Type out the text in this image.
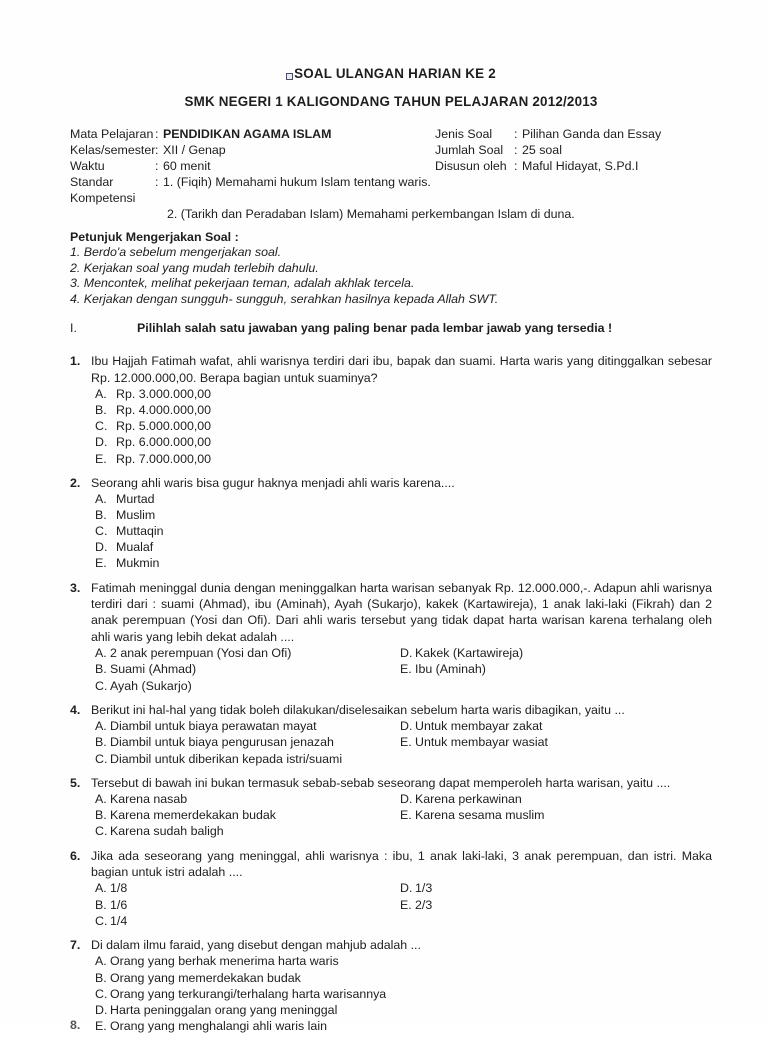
SOAL ULANGAN HARIAN KE 2
SMK NEGERI 1 KALIGONDANG TAHUN PELAJARAN 2012/2013
Mata Pelajaran : PENDIDIKAN AGAMA ISLAM
Kelas/semester : XII / Genap
Waktu	: 60 menit
Standar Kompetensi
: 1. (Fiqih) Memahami hukum Islam tentang waris.
2. (Tarikh dan Peradaban Islam) Memahami perkembangan Islam di duna.
Jenis Soal	: Pilihan Ganda dan Essay
Jumlah Soal : 25 soal
Disusun oleh : Maful Hidayat, S.Pd.I
Petunjuk Mengerjakan Soal :
1. Berdo'a sebelum mengerjakan soal.
2. Kerjakan soal yang mudah terlebih dahulu.
3. Mencontek, melihat pekerjaan teman, adalah akhlak tercela.
4. Kerjakan dengan sungguh- sungguh, serahkan hasilnya kepada Allah SWT.
I.	Pilihlah salah satu jawaban yang paling benar pada lembar jawab yang tersedia !
1. Ibu Hajjah Fatimah wafat, ahli warisnya terdiri dari ibu, bapak dan suami. Harta waris yang ditinggalkan sebesar Rp. 12.000.000,00. Berapa bagian untuk suaminya?

A. Rp. 3.000.000,00
B. Rp. 4.000.000,00
C. Rp. 5.000.000,00
D. Rp. 6.000.000,00
E. Rp. 7.000.000,00
2. Seorang ahli waris bisa gugur haknya menjadi ahli waris karena....

A. Murtad
B. Muslim
C. Muttaqin
D. Mualaf
E. Mukmin
3. Fatimah meninggal dunia dengan meninggalkan harta warisan sebanyak Rp. 12.000.000,-. Adapun ahli warisnya terdiri dari : suami (Ahmad), ibu (Aminah), Ayah (Sukarjo), kakek (Kartawireja), 1 anak laki-laki (Fikrah) dan 2 anak perempuan (Yosi dan Ofi). Dari ahli waris tersebut yang tidak dapat harta warisan karena terhalang oleh ahli waris yang lebih dekat adalah ....

A. 2 anak perempuan (Yosi dan Ofi)
B. Suami (Ahmad)
C. Ayah (Sukarjo)
D. Kakek (Kartawireja)
E. Ibu (Aminah)
4. Berikut ini hal-hal yang tidak boleh dilakukan/diselesaikan sebelum harta waris dibagikan, yaitu ...

A. Diambil untuk biaya perawatan mayat
B. Diambil untuk biaya pengurusan jenazah
C. Diambil untuk diberikan kepada istri/suami
D. Untuk membayar zakat
E. Untuk membayar wasiat
5. Tersebut di bawah ini bukan termasuk sebab-sebab seseorang dapat memperoleh harta warisan, yaitu ....

A. Karena nasab
B. Karena memerdekakan budak
C. Karena sudah baligh
D. Karena perkawinan
E. Karena sesama muslim
6. Jika ada seseorang yang meninggal, ahli warisnya : ibu, 1 anak laki-laki, 3 anak perempuan, dan istri. Maka bagian untuk istri adalah ....

A. 1/8
B. 1/6
C. 1/4
D. 1/3
E. 2/3
7. Di dalam ilmu faraid, yang disebut dengan mahjub adalah ...

A. Orang yang berhak menerima harta waris
B. Orang yang memerdekakan budak
C. Orang yang terkurangi/terhalang harta warisannya
D. Harta peninggalan orang yang meninggal
E. Orang yang menghalangi ahli waris lain
8.
